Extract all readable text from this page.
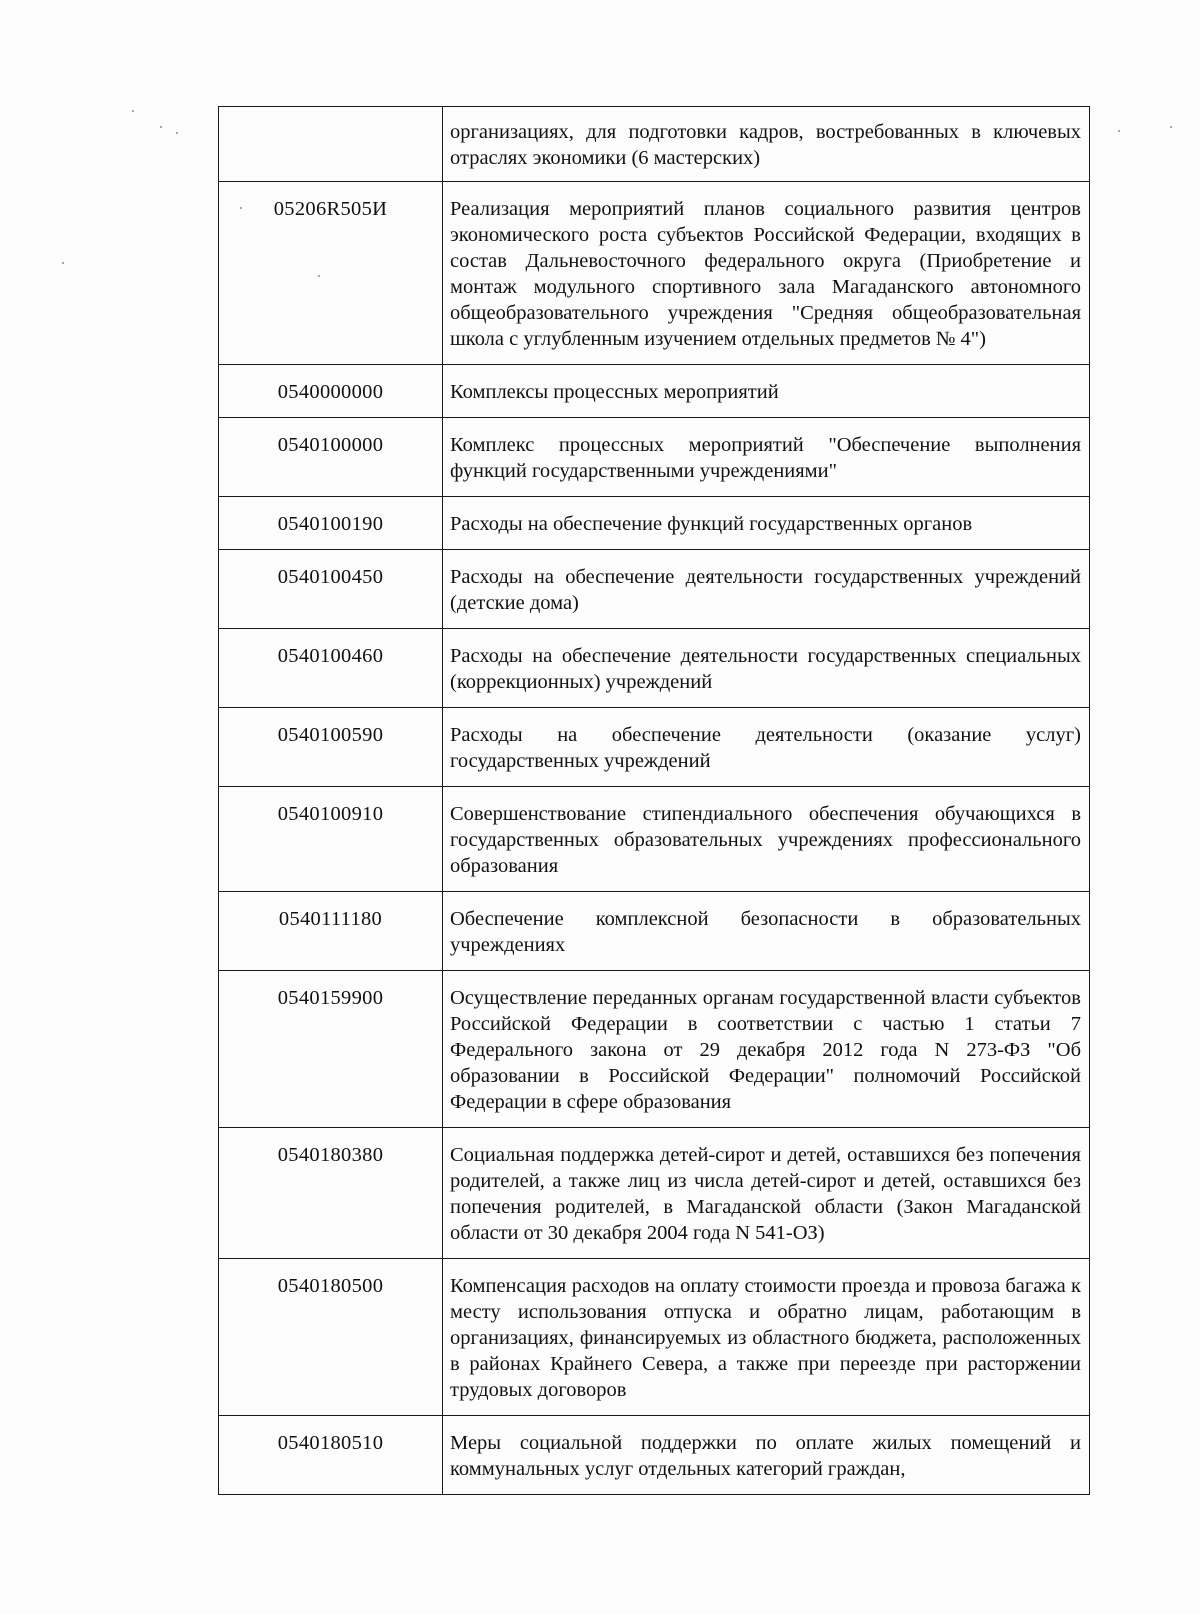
	организациях, для подготовки кадров, востребованных в ключевых отраслях экономики (6 мастерских)
05206R505И	Реализация мероприятий планов социального развития центров экономического роста субъектов Российской Федерации, входящих в состав Дальневосточного федерального округа (Приобретение и монтаж модульного спортивного зала Магаданского автономного общеобразовательного учреждения "Средняя общеобразовательная школа с углубленным изучением отдельных предметов № 4")
0540000000	Комплексы процессных мероприятий
0540100000	Комплекс процессных мероприятий "Обеспечение выполнения функций государственными учреждениями"
0540100190	Расходы на обеспечение функций государственных органов
0540100450	Расходы на обеспечение деятельности государственных учреждений (детские дома)
0540100460	Расходы на обеспечение деятельности государственных специальных (коррекционных) учреждений
0540100590	Расходы на обеспечение деятельности (оказание услуг) государственных учреждений
0540100910	Совершенствование стипендиального обеспечения обучающихся в государственных образовательных учреждениях профессионального образования
0540111180	Обеспечение комплексной безопасности в образовательных учреждениях
0540159900	Осуществление переданных органам государственной власти субъектов Российской Федерации в соответствии с частью 1 статьи 7 Федерального закона от 29 декабря 2012 года N 273-ФЗ "Об образовании в Российской Федерации" полномочий Российской Федерации в сфере образования
0540180380	Социальная поддержка детей-сирот и детей, оставшихся без попечения родителей, а также лиц из числа детей-сирот и детей, оставшихся без попечения родителей, в Магаданской области (Закон Магаданской области от 30 декабря 2004 года N 541-ОЗ)
0540180500	Компенсация расходов на оплату стоимости проезда и провоза багажа к месту использования отпуска и обратно лицам, работающим в организациях, финансируемых из областного бюджета, расположенных в районах Крайнего Севера, а также при переезде при расторжении трудовых договоров
0540180510	Меры социальной поддержки по оплате жилых помещений и коммунальных услуг отдельных категорий граждан,
